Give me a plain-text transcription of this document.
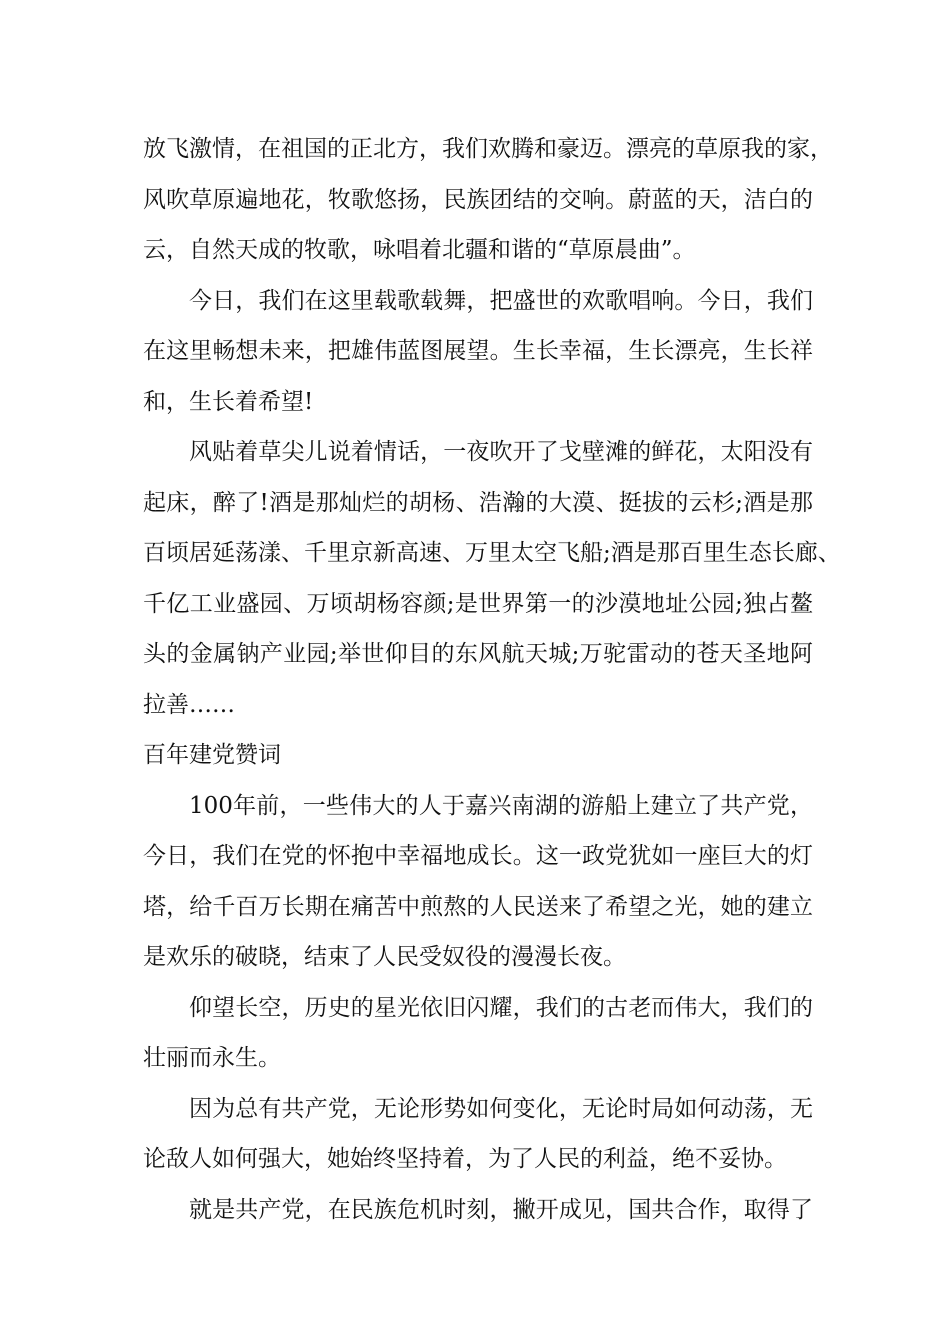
放飞激情，在祖国的正北方，我们欢腾和豪迈。漂亮的草原我的家，
风吹草原遍地花，牧歌悠扬，民族团结的交响。蔚蓝的天，洁白的
云，自然天成的牧歌，咏唱着北疆和谐的“草原晨曲”。
今日，我们在这里载歌载舞，把盛世的欢歌唱响。今日，我们
在这里畅想未来，把雄伟蓝图展望。生长幸福，生长漂亮，生长祥
和，生长着希望!
风贴着草尖儿说着情话，一夜吹开了戈壁滩的鲜花，太阳没有
起床，醉了!酒是那灿烂的胡杨、浩瀚的大漠、挺拔的云杉;酒是那
百顷居延荡漾、千里京新高速、万里太空飞船;酒是那百里生态长廊、
千亿工业盛园、万顷胡杨容颜;是世界第一的沙漠地址公园;独占鳌
头的金属钠产业园;举世仰目的东风航天城;万驼雷动的苍天圣地阿
拉善……
百年建党赞词
100年前，一些伟大的人于嘉兴南湖的游船上建立了共产党，
今日，我们在党的怀抱中幸福地成长。这一政党犹如一座巨大的灯
塔，给千百万长期在痛苦中煎熬的人民送来了希望之光，她的建立
是欢乐的破晓，结束了人民受奴役的漫漫长夜。
仰望长空，历史的星光依旧闪耀，我们的古老而伟大，我们的
壮丽而永生。
因为总有共产党，无论形势如何变化，无论时局如何动荡，无
论敌人如何强大，她始终坚持着，为了人民的利益，绝不妥协。
就是共产党，在民族危机时刻，撇开成见，国共合作，取得了
